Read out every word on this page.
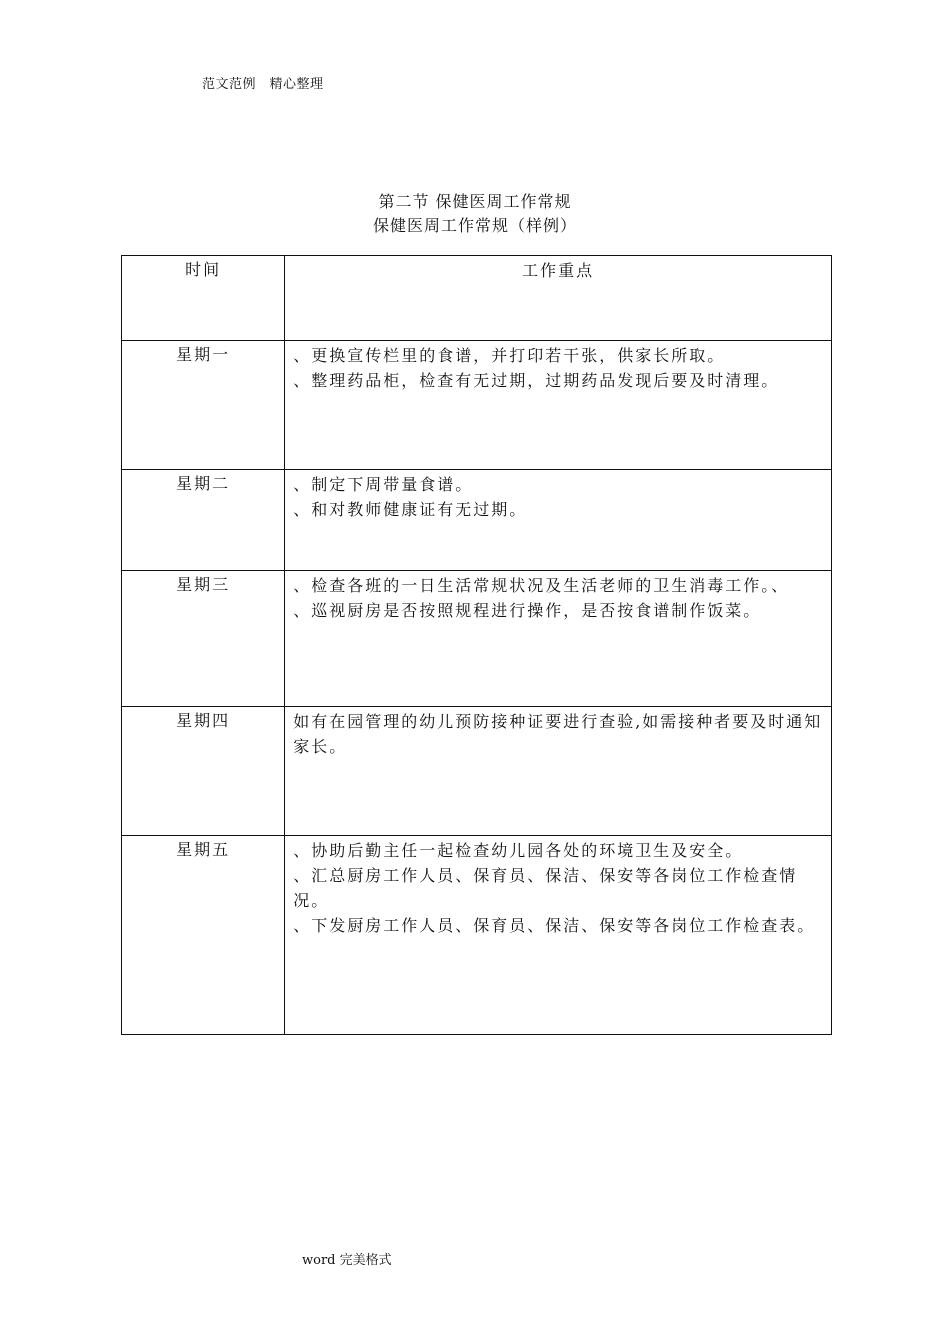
范文范例　精心整理
第二节 保健医周工作常规
保健医周工作常规（样例）
时间	工作重点
星期一	、更换宣传栏里的食谱，并打印若干张，供家长所取。
、整理药品柜，检查有无过期，过期药品发现后要及时清理。

星期二	、制定下周带量食谱。
、和对教师健康证有无过期。

星期三	、检查各班的一日生活常规状况及生活老师的卫生消毒工作。、
、巡视厨房是否按照规程进行操作，是否按食谱制作饭菜。

星期四	如有在园管理的幼儿预防接种证要进行查验,如需接种者要及时通知家长。

星期五	、协助后勤主任一起检查幼儿园各处的环境卫生及安全。
、汇总厨房工作人员、保育员、保洁、保安等各岗位工作检查情况。
、下发厨房工作人员、保育员、保洁、保安等各岗位工作检查表。
word 完美格式
